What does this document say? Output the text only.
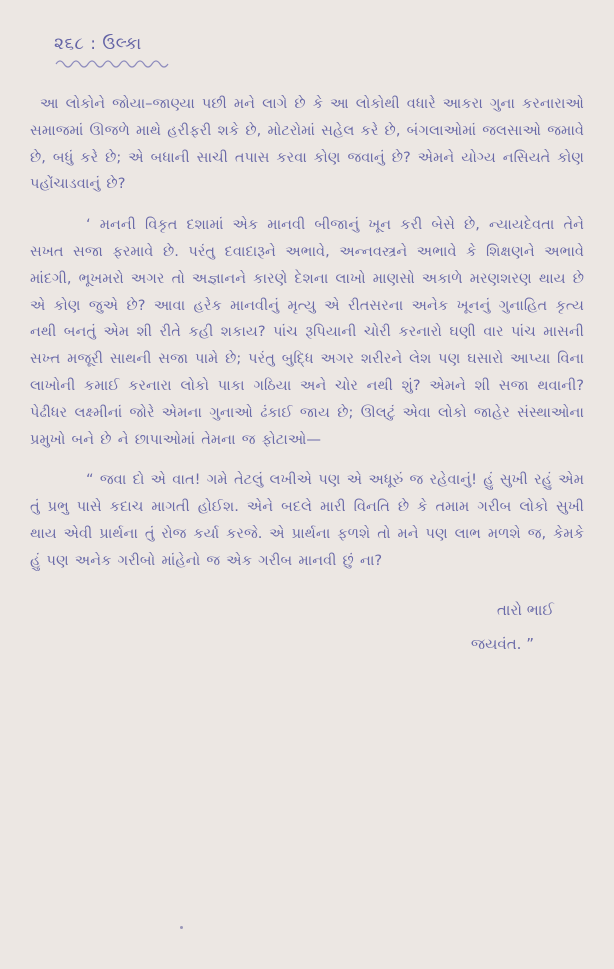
૨૬૮ : ઉલ્કા

આ લોકોને જોયા–જાણ્યા પછી મને લાગે છે કે આ લોકોથી વધારે આકરા ગુના કરનારાઓ સમાજમાં ઊજળે માથે હરીફરી શકે છે, મોટરોમાં સહેલ કરે છે, બંગલાઓમાં જલસાઓ જમાવે છે, બધું કરે છે; એ બધાની સાચી તપાસ કરવા કોણ જવાનું છે? એમને યોગ્ય નસિયતે કોણ પહોંચાડવાનું છે?

‘ મનની વિકૃત દશામાં એક માનવી બીજાનું ખૂન કરી બેસે છે, ન્યાયદેવતા તેને સખત સજા ફરમાવે છે. પરંતુ દવાદારૂને અભાવે, અન્નવસ્ત્રને અભાવે કે શિક્ષણને અભાવે માંદગી, ભૂખમરો અગર તો અજ્ઞાનને કારણે દેશના લાખો માણસો અકાળે મરણશરણ થાય છે એ કોણ જુએ છે? આવા હરેક માનવીનું મૃત્યુ એ રીતસરના અનેક ખૂનનું ગુનાહિત કૃત્ય નથી બનતું એમ શી રીતે કહી શકાય? પાંચ રૂપિયાની ચોરી કરનારો ઘણી વાર પાંચ માસની સખ્ત મજૂરી સાથની સજા પામે છે; પરંતુ બુદ્ધિ અગર શરીરને લેશ પણ ઘસારો આપ્યા વિના લાખોની કમાઈ કરનારા લોકો પાકા ગઠિયા અને ચોર નથી શું? એમને શી સજા થવાની? પેઢીધર લક્ષ્મીનાં જોરે એમના ગુનાઓ ઢંકાઈ જાય છે; ઊલટું એવા લોકો જાહેર સંસ્થાઓના પ્રમુખો બને છે ને છાપાઓમાં તેમના જ ફોટાઓ—

“ જવા દો એ વાત! ગમે તેટલું લખીએ પણ એ અધૂરું જ રહેવાનું! હું સુખી રહું એમ તું પ્રભુ પાસે કદાચ માગતી હોઈશ. એને બદલે મારી વિનતિ છે કે તમામ ગરીબ લોકો સુખી થાય એવી પ્રાર્થના તું રોજ કર્યા કરજે. એ પ્રાર્થના ફળશે તો મને પણ લાભ મળશે જ, કેમકે હું પણ અનેક ગરીબો માંહેનો જ એક ગરીબ માનવી છું ના?

તારો ભાઈ
જયવંત. ”
